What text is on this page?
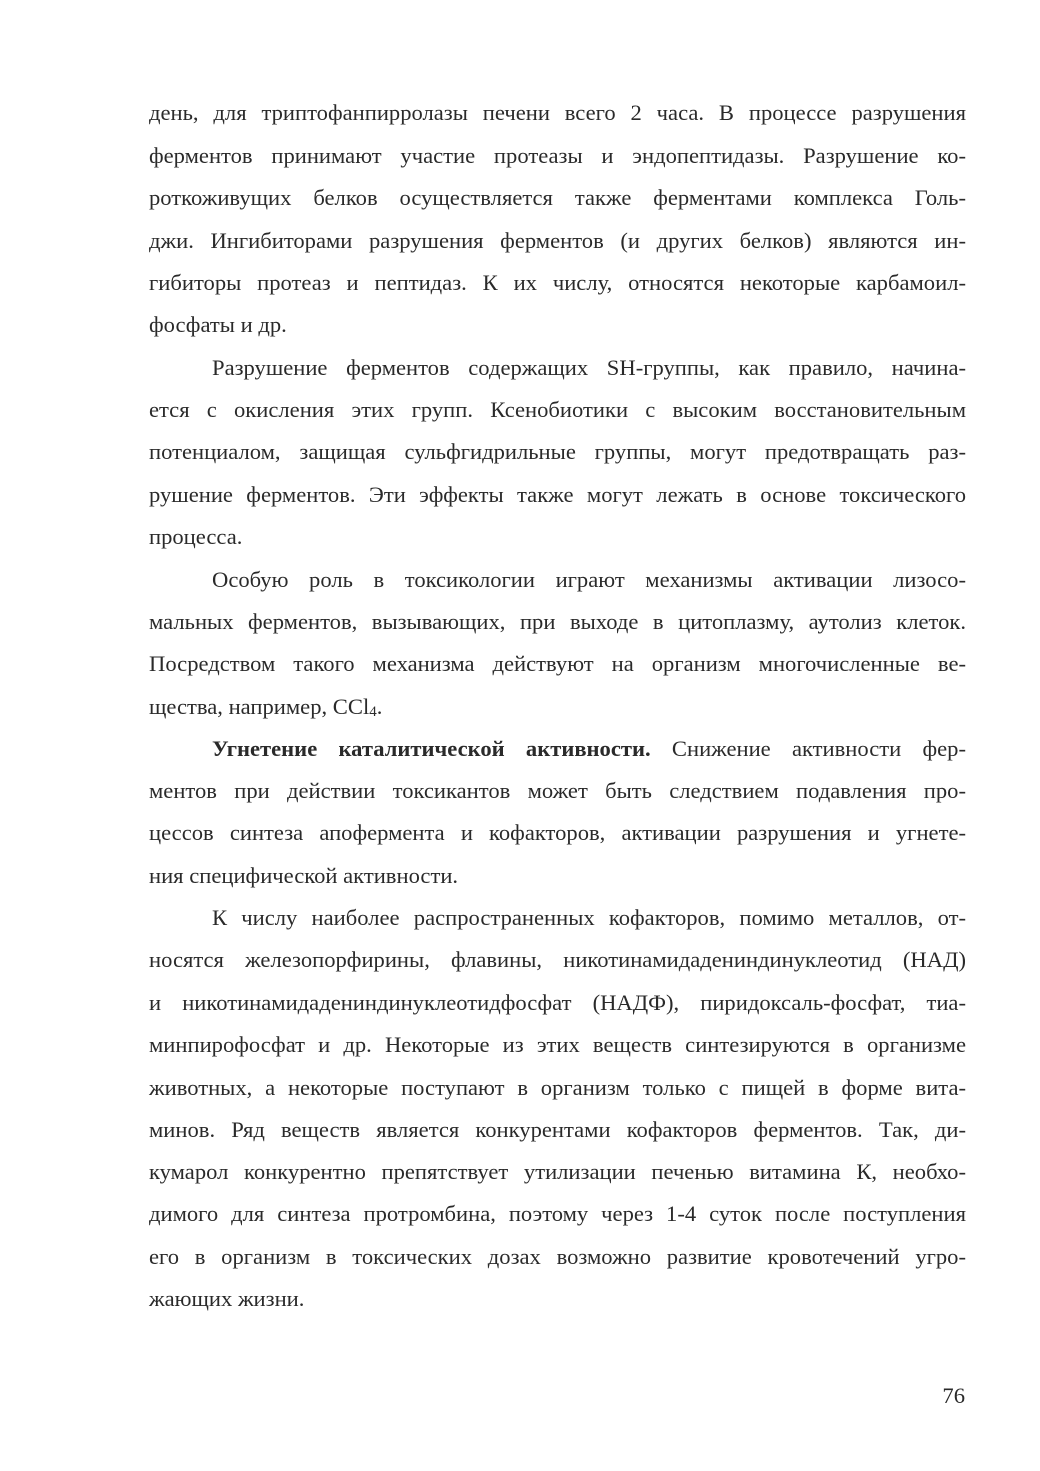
день, для триптофанпирролазы печени всего 2 часа. В процессе разрушения
ферментов принимают участие протеазы и эндопептидазы. Разрушение ко-
роткоживущих белков осуществляется также ферментами комплекса Голь-
джи. Ингибиторами разрушения ферментов (и других белков) являются ин-
гибиторы протеаз и пептидаз. К их числу, относятся некоторые карбамоил-
фосфаты и др.
Разрушение ферментов содержащих SH-группы, как правило, начина-
ется с окисления этих групп. Ксенобиотики с высоким восстановительным
потенциалом, защищая сульфгидрильные группы, могут предотвращать раз-
рушение ферментов. Эти эффекты также могут лежать в основе токсического
процесса.
Особую роль в токсикологии играют механизмы активации лизосо-
мальных ферментов, вызывающих, при выходе в цитоплазму, аутолиз клеток.
Посредством такого механизма действуют на организм многочисленные ве-
щества, например, CCl$_4$.
Угнетение каталитической активности. Снижение активности фер-
ментов при действии токсикантов может быть следствием подавления про-
цессов синтеза апофермента и кофакторов, активации разрушения и угнете-
ния специфической активности.
К числу наиболее распространенных кофакторов, помимо металлов, от-
носятся железопорфирины, флавины, никотинамидадениндинуклеотид (НАД)
и никотинамидадениндинуклеотидфосфат (НАДФ), пиридоксаль-фосфат, тиа-
минпирофосфат и др. Некоторые из этих веществ синтезируются в организме
животных, а некоторые поступают в организм только с пищей в форме вита-
минов. Ряд веществ является конкурентами кофакторов ферментов. Так, ди-
кумарол конкурентно препятствует утилизации печенью витамина К, необхо-
димого для синтеза протромбина, поэтому через 1-4 суток после поступления
его в организм в токсических дозах возможно развитие кровотечений угро-
жающих жизни.
76
